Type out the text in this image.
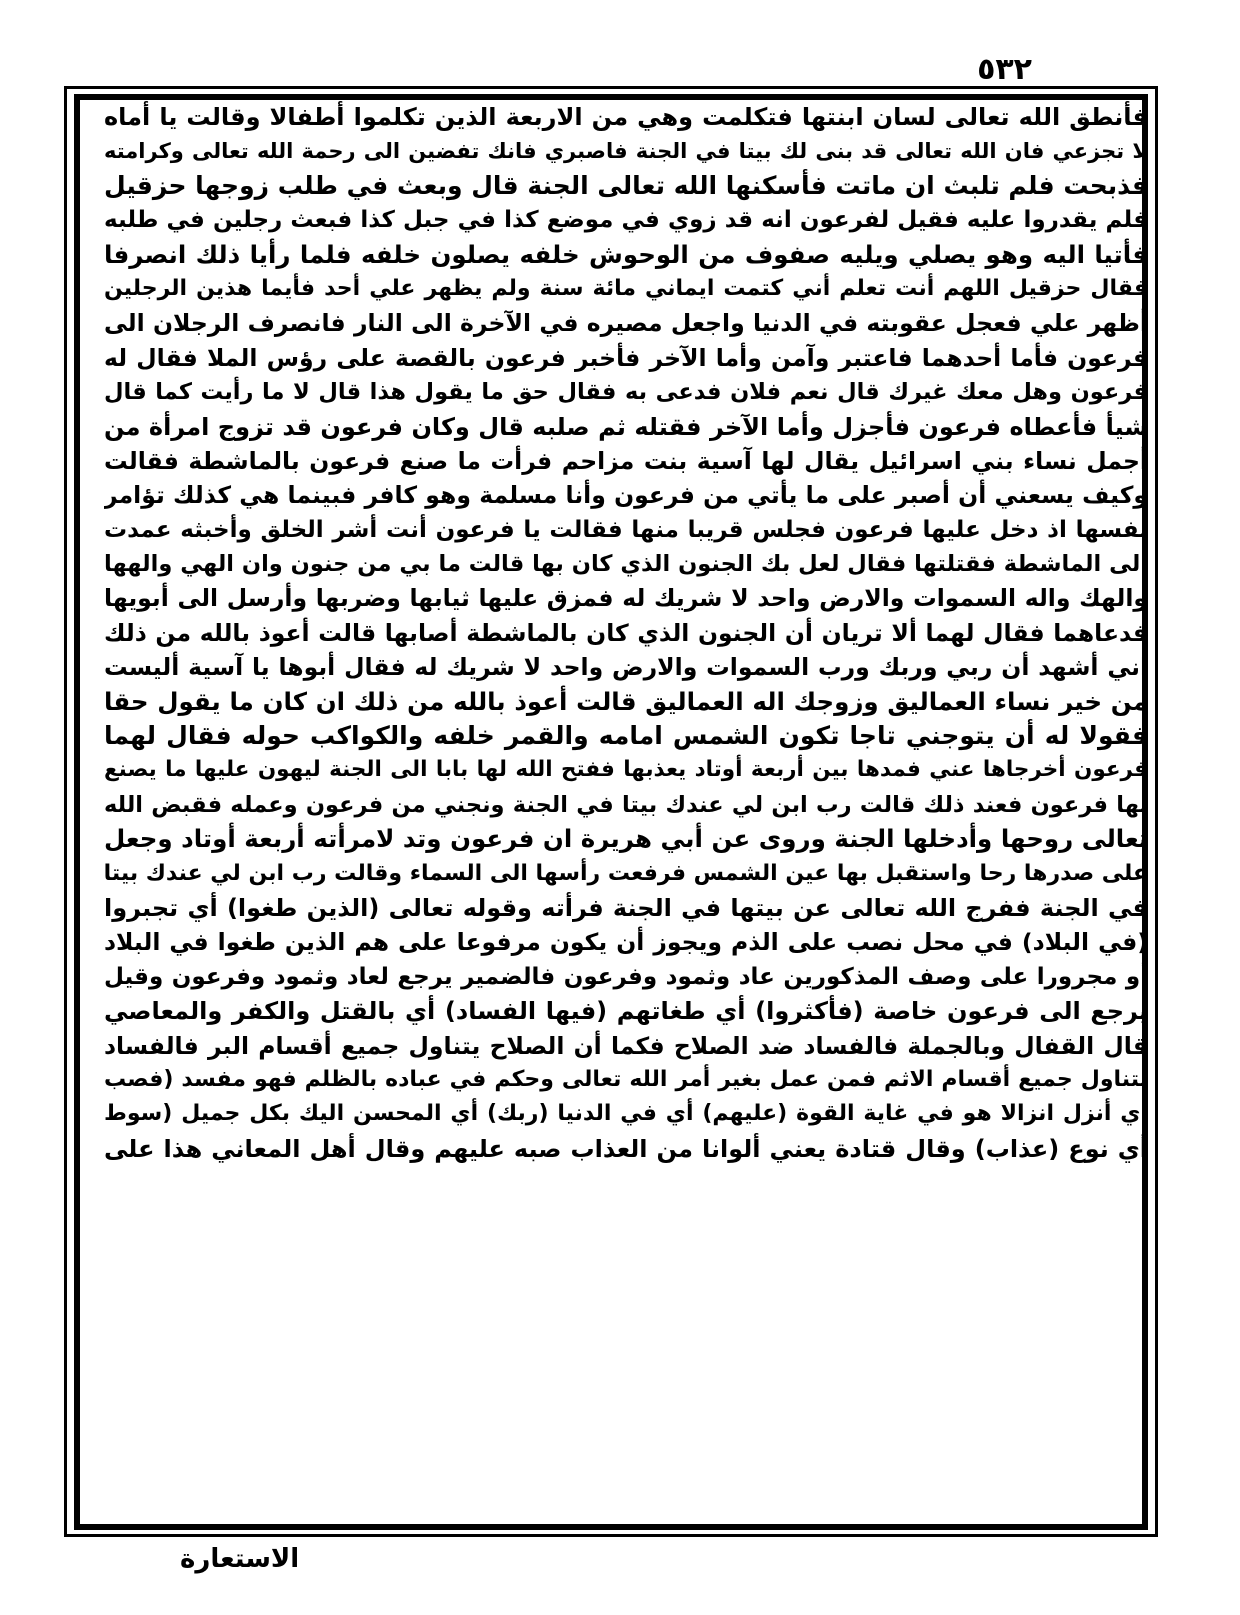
٥٣٢
فأنطق الله تعالى لسان ابنتها فتكلمت وهي من الاربعة الذين تكلموا أطفالا وقالت يا أماه
لا تجزعي فان الله تعالى قد بنى لك بيتا في الجنة فاصبري فانك تفضين الى رحمة الله تعالى وكرامته
فذبحت فلم تلبث ان ماتت فأسكنها الله تعالى الجنة قال وبعث في طلب زوجها حزقيل
فلم يقدروا عليه فقيل لفرعون انه قد زوي في موضع كذا في جبل كذا فبعث رجلين في طلبه
فأتيا اليه وهو يصلي ويليه صفوف من الوحوش خلفه يصلون خلفه فلما رأيا ذلك انصرفا
فقال حزقيل اللهم أنت تعلم أني كتمت ايماني مائة سنة ولم يظهر علي أحد فأيما هذين الرجلين
أظهر علي فعجل عقوبته في الدنيا واجعل مصيره في الآخرة الى النار فانصرف الرجلان الى
فرعون فأما أحدهما فاعتبر وآمن وأما الآخر فأخبر فرعون بالقصة على رؤس الملا فقال له
فرعون وهل معك غيرك قال نعم فلان فدعى به فقال حق ما يقول هذا قال لا ما رأيت كما قال
شيأ فأعطاه فرعون فأجزل وأما الآخر فقتله ثم صلبه قال وكان فرعون قد تزوج امرأة من
أجمل نساء بني اسرائيل يقال لها آسية بنت مزاحم فرأت ما صنع فرعون بالماشطة فقالت
وكيف يسعني أن أصبر على ما يأتي من فرعون وأنا مسلمة وهو كافر فبينما هي كذلك تؤامر
نفسها اذ دخل عليها فرعون فجلس قريبا منها فقالت يا فرعون أنت أشر الخلق وأخبثه عمدت
الى الماشطة فقتلتها فقال لعل بك الجنون الذي كان بها قالت ما بي من جنون وان الهي والهها
والهك واله السموات والارض واحد لا شريك له فمزق عليها ثيابها وضربها وأرسل الى أبويها
فدعاهما فقال لهما ألا تريان أن الجنون الذي كان بالماشطة أصابها قالت أعوذ بالله من ذلك
اني أشهد أن ربي وربك ورب السموات والارض واحد لا شريك له فقال أبوها يا آسية أليست
من خير نساء العماليق وزوجك اله العماليق قالت أعوذ بالله من ذلك ان كان ما يقول حقا
فقولا له أن يتوجني تاجا تكون الشمس امامه والقمر خلفه والكواكب حوله فقال لهما
فرعون أخرجاها عني فمدها بين أربعة أوتاد يعذبها ففتح الله لها بابا الى الجنة ليهون عليها ما يصنع
بها فرعون فعند ذلك قالت رب ابن لي عندك بيتا في الجنة ونجني من فرعون وعمله فقبض الله
تعالى روحها وأدخلها الجنة وروى عن أبي هريرة ان فرعون وتد لامرأته أربعة أوتاد وجعل
على صدرها رحا واستقبل بها عين الشمس فرفعت رأسها الى السماء وقالت رب ابن لي عندك بيتا
في الجنة ففرج الله تعالى عن بيتها في الجنة فرأته وقوله تعالى (الذين طغوا) أي تجبروا
(في البلاد) في محل نصب على الذم ويجوز أن يكون مرفوعا على هم الذين طغوا في البلاد
أو مجرورا على وصف المذكورين عاد وثمود وفرعون فالضمير يرجع لعاد وثمود وفرعون وقيل
يرجع الى فرعون خاصة (فأكثروا) أي طغاتهم (فيها الفساد) أي بالقتل والكفر والمعاصي
قال القفال وبالجملة فالفساد ضد الصلاح فكما أن الصلاح يتناول جميع أقسام البر فالفساد
يتناول جميع أقسام الاثم فمن عمل بغير أمر الله تعالى وحكم في عباده بالظلم فهو مفسد (فصب
أي أنزل انزالا هو في غاية القوة (عليهم) أي في الدنيا (ربك) أي المحسن اليك بكل جميل (سوط
أي نوع (عذاب) وقال قتادة يعني ألوانا من العذاب صبه عليهم وقال أهل المعاني هذا على
الاستعارة
